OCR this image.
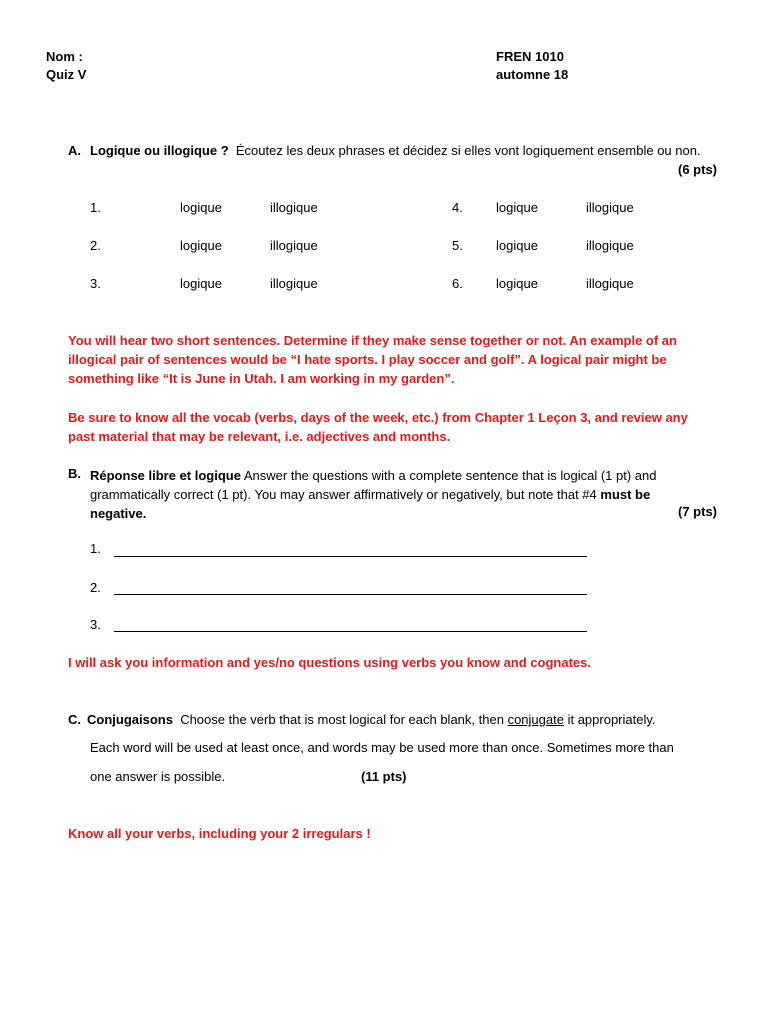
Nom :
Quiz V
FREN 1010
automne 18
A. Logique ou illogique ? Écoutez les deux phrases et décidez si elles vont logiquement ensemble ou non.
(6 pts)
1.	logique	illogique
2.	logique	illogique
3.	logique	illogique
4.	logique	illogique
5.	logique	illogique
6.	logique	illogique
You will hear two short sentences. Determine if they make sense together or not. An example of an illogical pair of sentences would be “I hate sports. I play soccer and golf”. A logical pair might be something like “It is June in Utah. I am working in my garden”.
Be sure to know all the vocab (verbs, days of the week, etc.) from Chapter 1 Leçon 3, and review any past material that may be relevant, i.e. adjectives and months.
B. Réponse libre et logique Answer the questions with a complete sentence that is logical (1 pt) and grammatically correct (1 pt). You may answer affirmatively or negatively, but note that #4 must be negative.	(7 pts)
1.
2.
3.
I will ask you information and yes/no questions using verbs you know and cognates.
C. Conjugaisons Choose the verb that is most logical for each blank, then conjugate it appropriately.
Each word will be used at least once, and words may be used more than once. Sometimes more than
one answer is possible.	(11 pts)
Know all your verbs, including your 2 irregulars !
